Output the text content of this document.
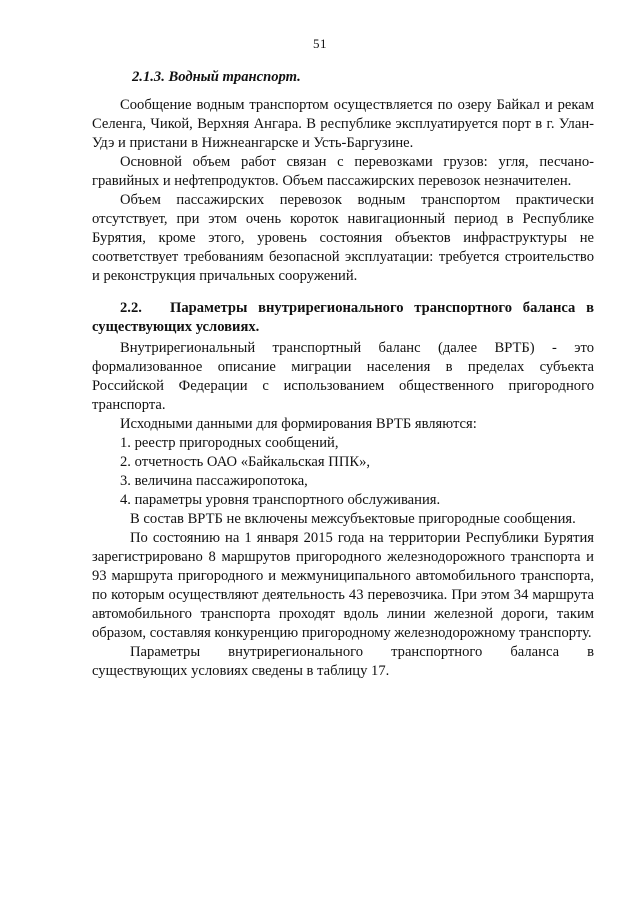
51

2.1.3. Водный транспорт.

Сообщение водным транспортом осуществляется по озеру Байкал и рекам Селенга, Чикой, Верхняя Ангара. В республике эксплуатируется порт в г. Улан-Удэ и пристани в Нижнеангарске и Усть-Баргузине.

Основной объем работ связан с перевозками грузов: угля, песчано-гравийных и нефтепродуктов. Объем пассажирских перевозок незначителен.

Объем пассажирских перевозок водным транспортом практически отсутствует, при этом очень короток навигационный период в Республике Бурятия, кроме этого, уровень состояния объектов инфраструктуры не соответствует требованиям безопасной эксплуатации: требуется строительство и реконструкция причальных сооружений.

2.2. Параметры внутрирегионального транспортного баланса в существующих условиях.

Внутрирегиональный транспортный баланс (далее ВРТБ) - это формализованное описание миграции населения в пределах субъекта Российской Федерации с использованием общественного пригородного транспорта.

Исходными данными для формирования ВРТБ являются:

1. реестр пригородных сообщений,

2. отчетность ОАО «Байкальская ППК»,

3. величина пассажиропотока,

4. параметры уровня транспортного обслуживания.

В состав ВРТБ не включены межсубъектовые пригородные сообщения.

По состоянию на 1 января 2015 года на территории Республики Бурятия зарегистрировано 8 маршрутов пригородного железнодорожного транспорта и 93 маршрута пригородного и межмуниципального автомобильного транспорта, по которым осуществляют деятельность 43 перевозчика. При этом 34 маршрута автомобильного транспорта проходят вдоль линии железной дороги, таким образом, составляя конкуренцию пригородному железнодорожному транспорту.

Параметры внутрирегионального транспортного баланса в существующих условиях сведены в таблицу 17.
